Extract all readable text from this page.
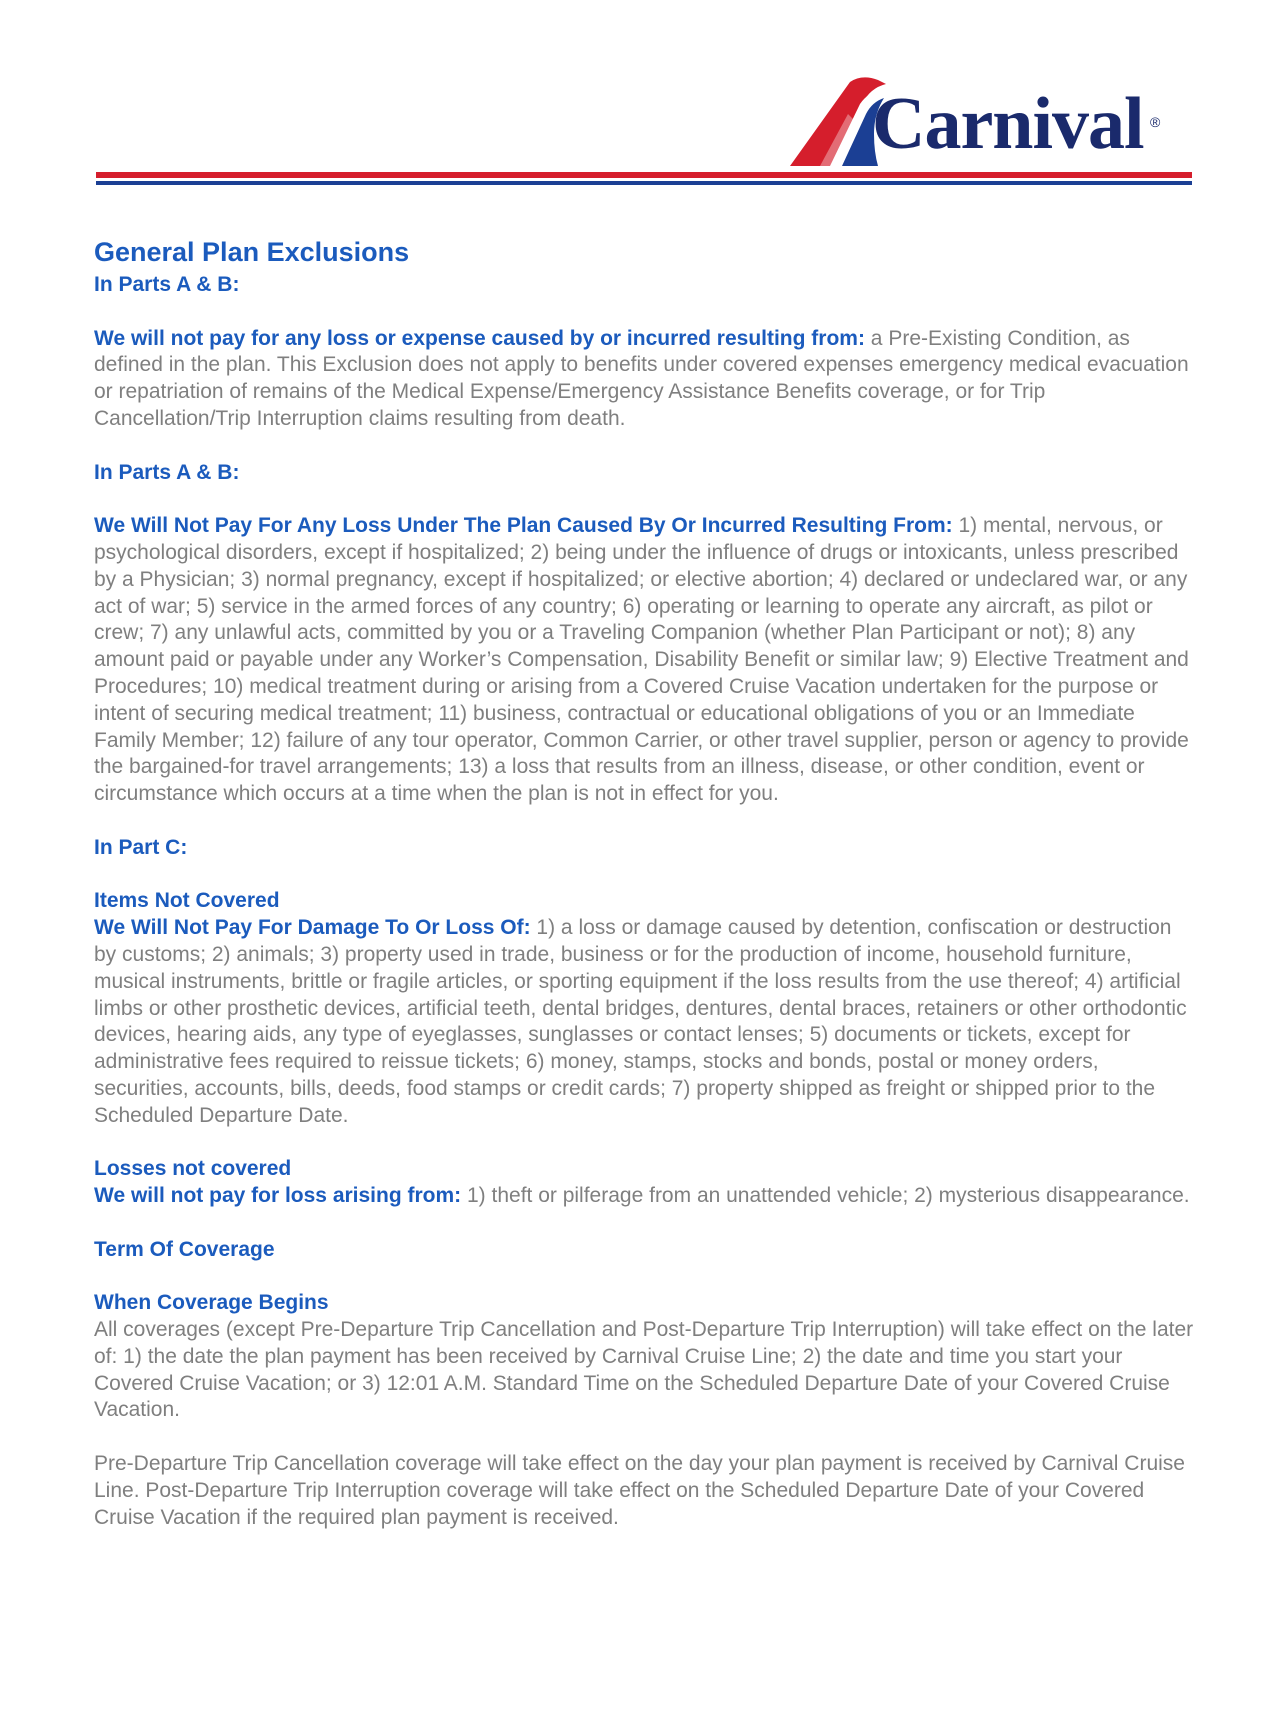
Carnival ®
General Plan Exclusions
In Parts A & B:

We will not pay for any loss or expense caused by or incurred resulting from: a Pre-Existing Condition, as defined in the plan. This Exclusion does not apply to benefits under covered expenses emergency medical evacuation or repatriation of remains of the Medical Expense/Emergency Assistance Benefits coverage, or for Trip Cancellation/Trip Interruption claims resulting from death.

In Parts A & B:

We Will Not Pay For Any Loss Under The Plan Caused By Or Incurred Resulting From: 1) mental, nervous, or psychological disorders, except if hospitalized; 2) being under the influence of drugs or intoxicants, unless prescribed by a Physician; 3) normal pregnancy, except if hospitalized; or elective abortion; 4) declared or undeclared war, or any act of war; 5) service in the armed forces of any country; 6) operating or learning to operate any aircraft, as pilot or crew; 7) any unlawful acts, committed by you or a Traveling Companion (whether Plan Participant or not); 8) any amount paid or payable under any Worker’s Compensation, Disability Benefit or similar law; 9) Elective Treatment and Procedures; 10) medical treatment during or arising from a Covered Cruise Vacation undertaken for the purpose or intent of securing medical treatment; 11) business, contractual or educational obligations of you or an Immediate Family Member; 12) failure of any tour operator, Common Carrier, or other travel supplier, person or agency to provide the bargained-for travel arrangements; 13) a loss that results from an illness, disease, or other condition, event or circumstance which occurs at a time when the plan is not in effect for you.

In Part C:
Items Not Covered

We Will Not Pay For Damage To Or Loss Of: 1) a loss or damage caused by detention, confiscation or destruction by customs; 2) animals; 3) property used in trade, business or for the production of income, household furniture, musical instruments, brittle or fragile articles, or sporting equipment if the loss results from the use thereof; 4) artificial limbs or other prosthetic devices, artificial teeth, dental bridges, dentures, dental braces, retainers or other orthodontic devices, hearing aids, any type of eyeglasses, sunglasses or contact lenses; 5) documents or tickets, except for administrative fees required to reissue tickets; 6) money, stamps, stocks and bonds, postal or money orders, securities, accounts, bills, deeds, food stamps or credit cards; 7) property shipped as freight or shipped prior to the Scheduled Departure Date.

Losses not covered

We will not pay for loss arising from: 1) theft or pilferage from an unattended vehicle; 2) mysterious disappearance.

Term Of Coverage
When Coverage Begins

All coverages (except Pre-Departure Trip Cancellation and Post-Departure Trip Interruption) will take effect on the later of: 1) the date the plan payment has been received by Carnival Cruise Line; 2) the date and time you start your Covered Cruise Vacation; or 3) 12:01 A.M. Standard Time on the Scheduled Departure Date of your Covered Cruise Vacation.

Pre-Departure Trip Cancellation coverage will take effect on the day your plan payment is received by Carnival Cruise Line. Post-Departure Trip Interruption coverage will take effect on the Scheduled Departure Date of your Covered Cruise Vacation if the required plan payment is received.
